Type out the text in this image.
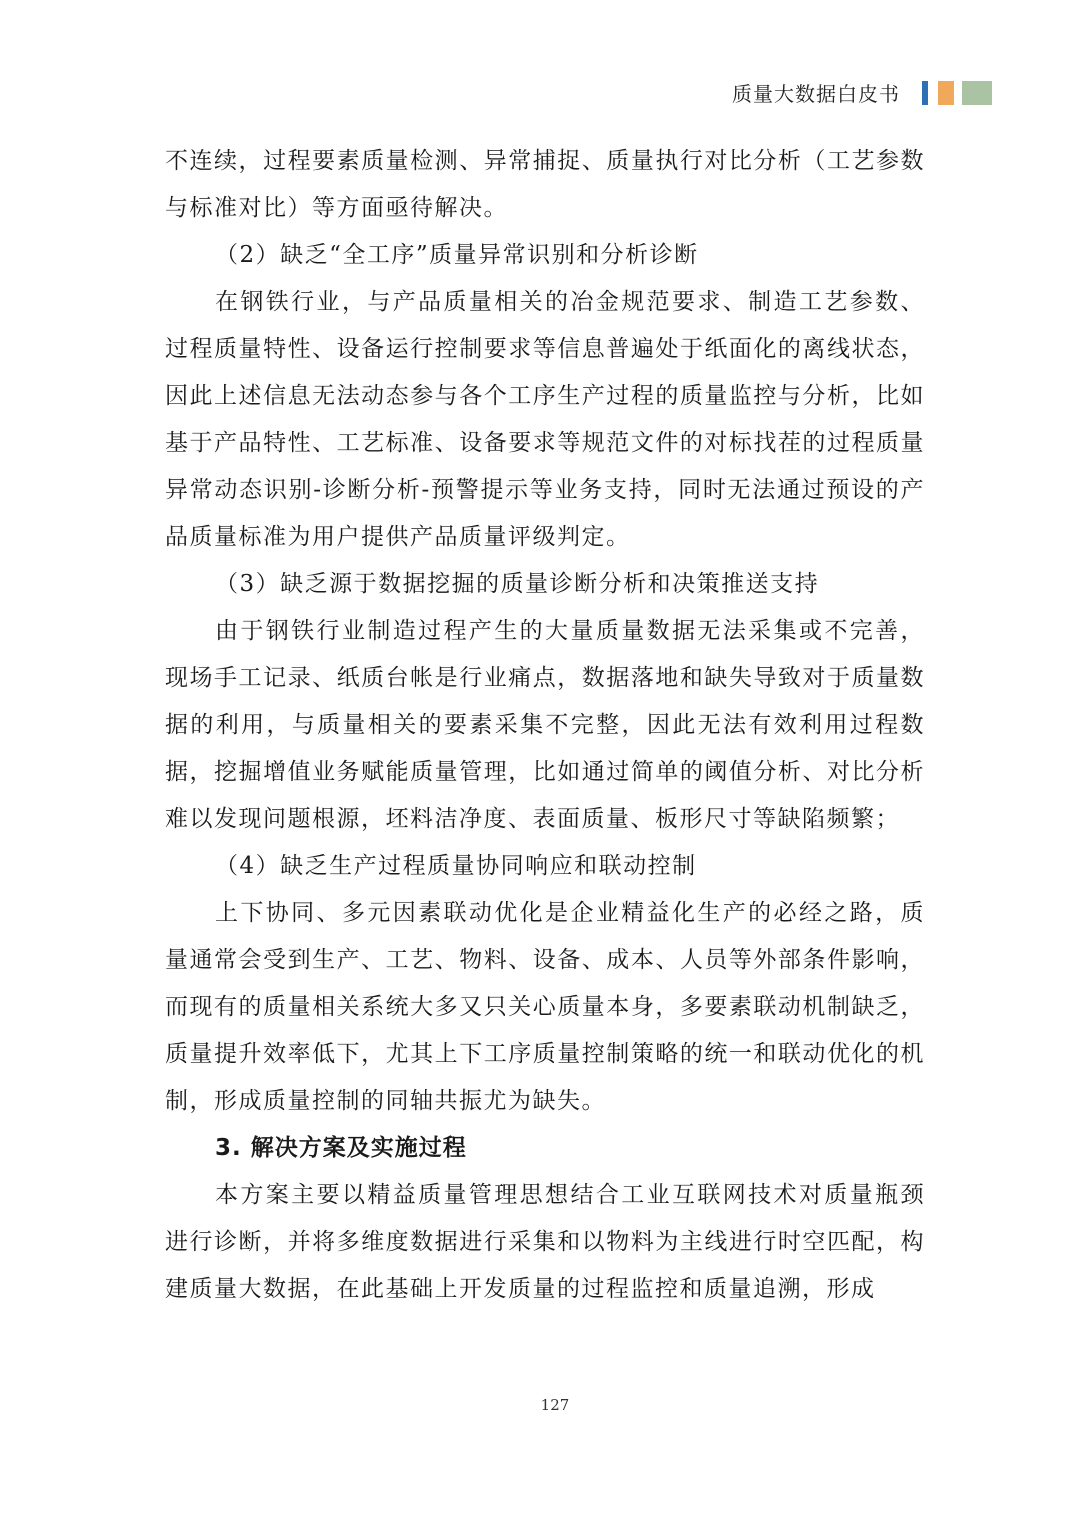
质量大数据白皮书

不连续，过程要素质量检测、异常捕捉、质量执行对比分析（工艺参数与标准对比）等方面亟待解决。

（2）缺乏“全工序”质量异常识别和分析诊断

在钢铁行业，与产品质量相关的冶金规范要求、制造工艺参数、过程质量特性、设备运行控制要求等信息普遍处于纸面化的离线状态，因此上述信息无法动态参与各个工序生产过程的质量监控与分析，比如基于产品特性、工艺标准、设备要求等规范文件的对标找茬的过程质量异常动态识别-诊断分析-预警提示等业务支持，同时无法通过预设的产品质量标准为用户提供产品质量评级判定。

（3）缺乏源于数据挖掘的质量诊断分析和决策推送支持

由于钢铁行业制造过程产生的大量质量数据无法采集或不完善，现场手工记录、纸质台帐是行业痛点，数据落地和缺失导致对于质量数据的利用，与质量相关的要素采集不完整，因此无法有效利用过程数据，挖掘增值业务赋能质量管理，比如通过简单的阈值分析、对比分析难以发现问题根源，坯料洁净度、表面质量、板形尺寸等缺陷频繁；

（4）缺乏生产过程质量协同响应和联动控制

上下协同、多元因素联动优化是企业精益化生产的必经之路，质量通常会受到生产、工艺、物料、设备、成本、人员等外部条件影响，而现有的质量相关系统大多又只关心质量本身，多要素联动机制缺乏，质量提升效率低下，尤其上下工序质量控制策略的统一和联动优化的机制，形成质量控制的同轴共振尤为缺失。

3. 解决方案及实施过程

本方案主要以精益质量管理思想结合工业互联网技术对质量瓶颈进行诊断，并将多维度数据进行采集和以物料为主线进行时空匹配，构建质量大数据，在此基础上开发质量的过程监控和质量追溯，形成

127
